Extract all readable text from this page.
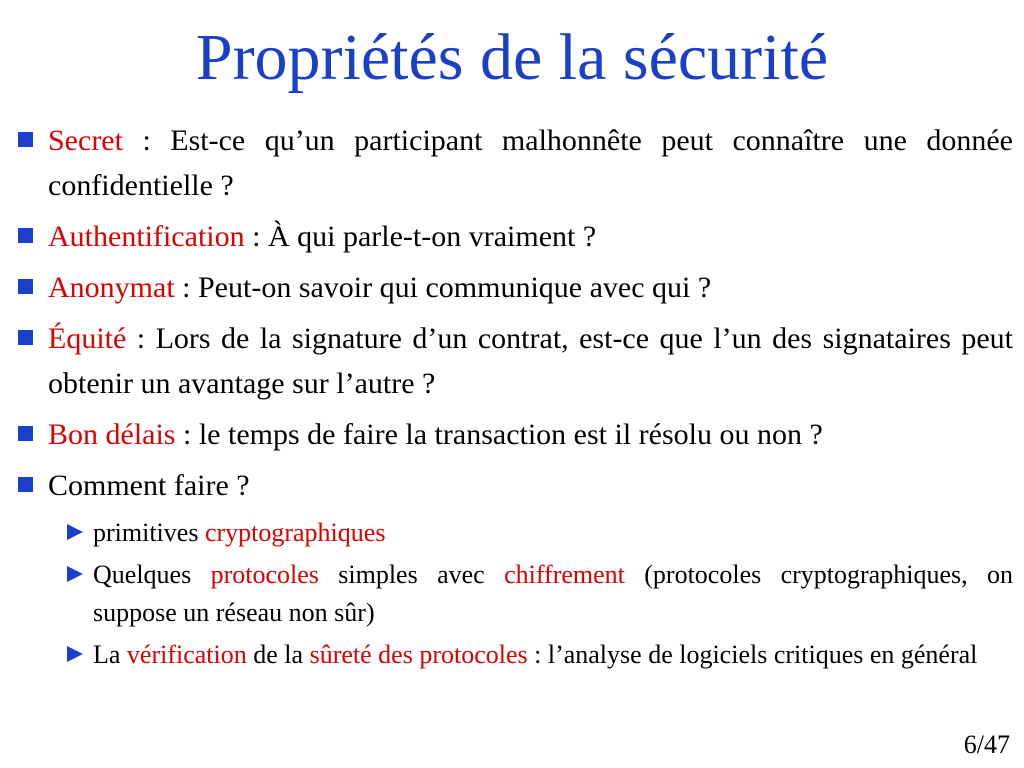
Propriétés de la sécurité
Secret : Est-ce qu’un participant malhonnête peut connaître une donnée confidentielle ?
Authentification : À qui parle-t-on vraiment ?
Anonymat : Peut-on savoir qui communique avec qui ?
Équité : Lors de la signature d’un contrat, est-ce que l’un des signataires peut obtenir un avantage sur l’autre ?
Bon délais : le temps de faire la transaction est il résolu ou non ?
Comment faire ?
primitives cryptographiques
Quelques protocoles simples avec chiffrement (protocoles cryptographiques, on suppose un réseau non sûr)
La vérification de la sûreté des protocoles : l’analyse de logiciels critiques en général
6/47
